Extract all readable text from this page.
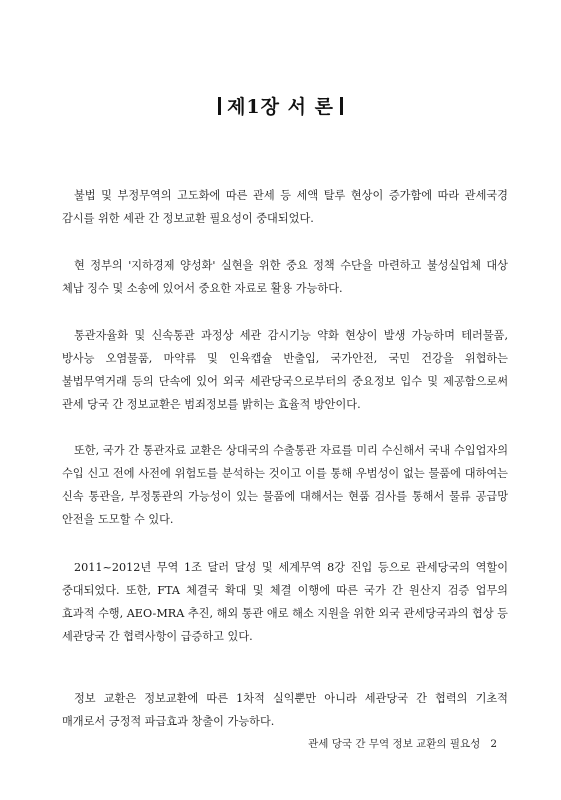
제1장 서 론

불법 및 부정무역의 고도화에 따른 관세 등 세액 탈루 현상이 증가함에 따라 관세국경 감시를 위한 세관 간 정보교환 필요성이 중대되었다.

현 정부의 '지하경제 양성화' 실현을 위한 중요 정책 수단을 마련하고 불성실업체 대상 체납 징수 및 소송에 있어서 중요한 자료로 활용 가능하다.

통관자율화 및 신속통관 과정상 세관 감시기능 약화 현상이 발생 가능하며 테러물품, 방사능 오염물품, 마약류 및 인육캡슐 반출입, 국가안전, 국민 건강을 위협하는 불법무역거래 등의 단속에 있어 외국 세관당국으로부터의 중요정보 입수 및 제공함으로써 관세 당국 간 정보교환은 범죄정보를 밝히는 효율적 방안이다.

또한, 국가 간 통관자료 교환은 상대국의 수출통관 자료를 미리 수신해서 국내 수입업자의 수입 신고 전에 사전에 위험도를 분석하는 것이고 이를 통해 우범성이 없는 물품에 대하여는 신속 통관을, 부정통관의 가능성이 있는 물품에 대해서는 현품 검사를 통해서 물류 공급망 안전을 도모할 수 있다.

2011~2012년 무역 1조 달러 달성 및 세계무역 8강 진입 등으로 관세당국의 역할이 중대되었다. 또한, FTA 체결국 확대 및 체결 이행에 따른 국가 간 원산지 검증 업무의 효과적 수행, AEO-MRA 추진, 해외 통관 애로 해소 지원을 위한 외국 관세당국과의 협상 등 세관당국 간 협력사항이 급증하고 있다.

정보 교환은 정보교환에 따른 1차적 실익뿐만 아니라 세관당국 간 협력의 기초적 매개로서 긍정적 파급효과 창출이 가능하다.

관세 당국 간 무역 정보 교환의 필요성 2
